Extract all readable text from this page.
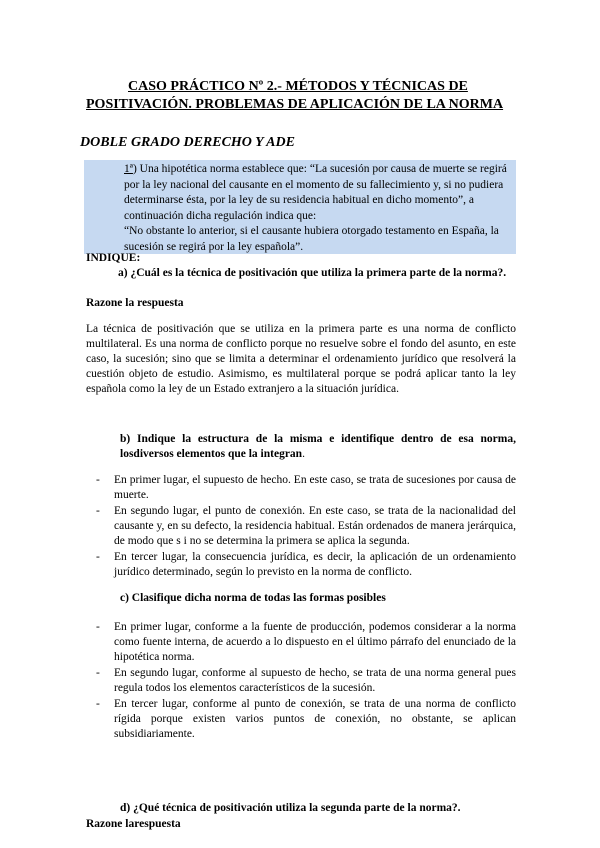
CASO PRÁCTICO Nº 2.- MÉTODOS Y TÉCNICAS DE
POSITIVACIÓN. PROBLEMAS DE APLICACIÓN DE LA NORMA
DOBLE GRADO DERECHO Y ADE

1ª) Una hipotética norma establece que: “La sucesión por causa de muerte se regirá por la ley nacional del causante en el momento de su fallecimiento y, si no pudiera determinarse ésta, por la ley de su residencia habitual en dicho momento”, a continuación dicha regulación indica que:

“No obstante lo anterior, si el causante hubiera otorgado testamento en España, la sucesión se regirá por la ley española”.

INDIQUE:
a) ¿Cuál es la técnica de positivación que utiliza la primera parte de la norma?.
Razone la respuesta

La técnica de positivación que se utiliza en la primera parte es una norma de conflicto multilateral. Es una norma de conflicto porque no resuelve sobre el fondo del asunto, en este caso, la sucesión; sino que se limita a determinar el ordenamiento jurídico que resolverá la cuestión objeto de estudio. Asimismo, es multilateral porque se podrá aplicar tanto la ley española como la ley de un Estado extranjero a la situación jurídica.

b) Indique la estructura de la misma e identifique dentro de esa norma, losdiversos elementos que la integran.
- En primer lugar, el supuesto de hecho. En este caso, se trata de sucesiones por causa de muerte.
- En segundo lugar, el punto de conexión. En este caso, se trata de la nacionalidad del causante y, en su defecto, la residencia habitual. Están ordenados de manera jerárquica, de modo que s i no se determina la primera se aplica la segunda.
- En tercer lugar, la consecuencia jurídica, es decir, la aplicación de un ordenamiento jurídico determinado, según lo previsto en la norma de conflicto.
c) Clasifique dicha norma de todas las formas posibles
- En primer lugar, conforme a la fuente de producción, podemos considerar a la norma como fuente interna, de acuerdo a lo dispuesto en el último párrafo del enunciado de la hipotética norma.
- En segundo lugar, conforme al supuesto de hecho, se trata de una norma general pues regula todos los elementos característicos de la sucesión.
- En tercer lugar, conforme al punto de conexión, se trata de una norma de conflicto rígida porque existen varios puntos de conexión, no obstante, se aplican subsidiariamente.
d) ¿Qué técnica de positivación utiliza la segunda parte de la norma?.
Razone larespuesta
